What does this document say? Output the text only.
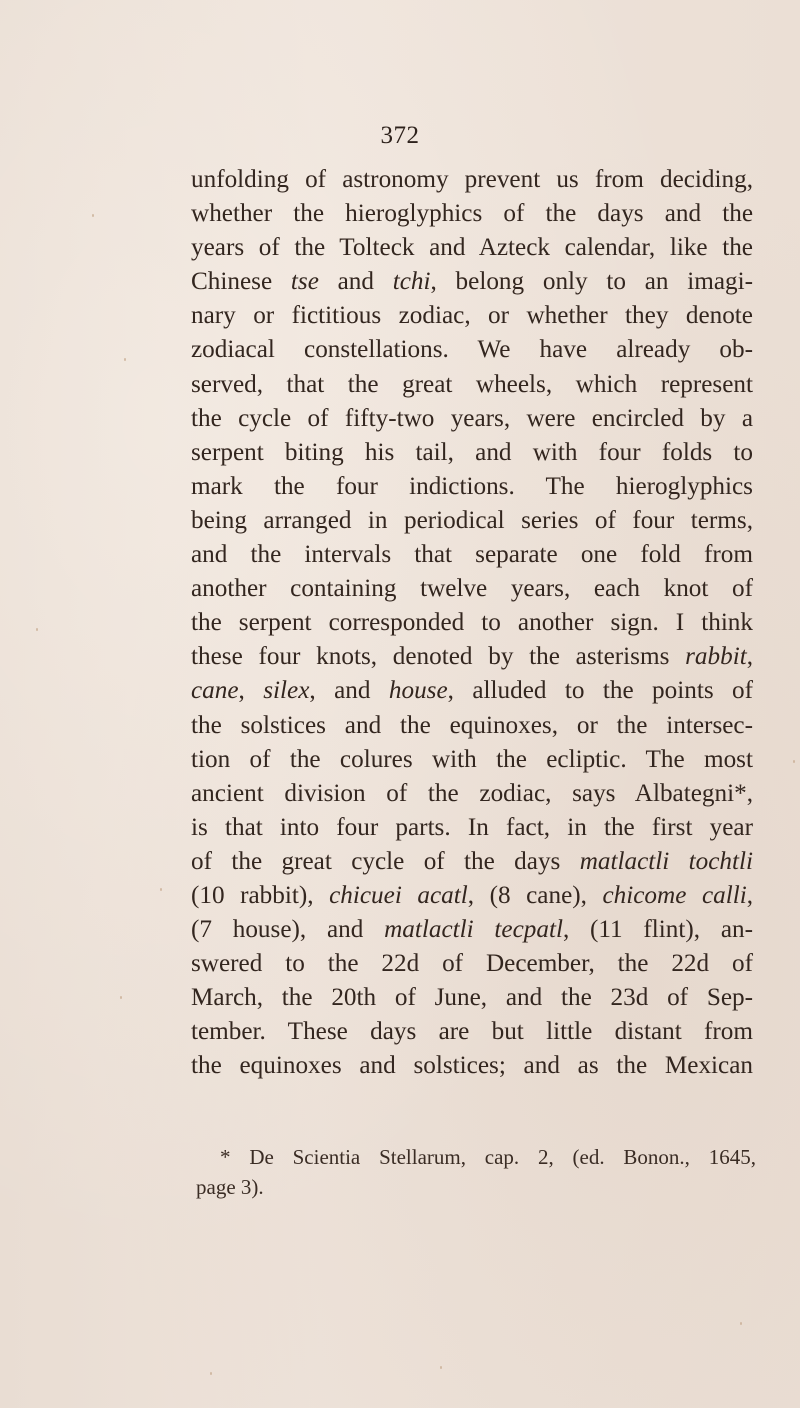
372
unfolding of astronomy prevent us from deciding,
whether the hieroglyphics of the days and the
years of the Tolteck and Azteck calendar, like the
Chinese tse and tchi, belong only to an imagi-
nary or fictitious zodiac, or whether they denote
zodiacal constellations. We have already ob-
served, that the great wheels, which represent
the cycle of fifty-two years, were encircled by a
serpent biting his tail, and with four folds to
mark the four indictions. The hieroglyphics
being arranged in periodical series of four terms,
and the intervals that separate one fold from
another containing twelve years, each knot of
the serpent corresponded to another sign. I think
these four knots, denoted by the asterisms rabbit,
cane, silex, and house, alluded to the points of
the solstices and the equinoxes, or the intersec-
tion of the colures with the ecliptic. The most
ancient division of the zodiac, says Albategni*,
is that into four parts. In fact, in the first year
of the great cycle of the days matlactli tochtli
(10 rabbit), chicuei acatl, (8 cane), chicome calli,
(7 house), and matlactli tecpatl, (11 flint), an-
swered to the 22d of December, the 22d of
March, the 20th of June, and the 23d of Sep-
tember. These days are but little distant from
the equinoxes and solstices; and as the Mexican
* De Scientia Stellarum, cap. 2, (ed. Bonon., 1645,
page 3).
